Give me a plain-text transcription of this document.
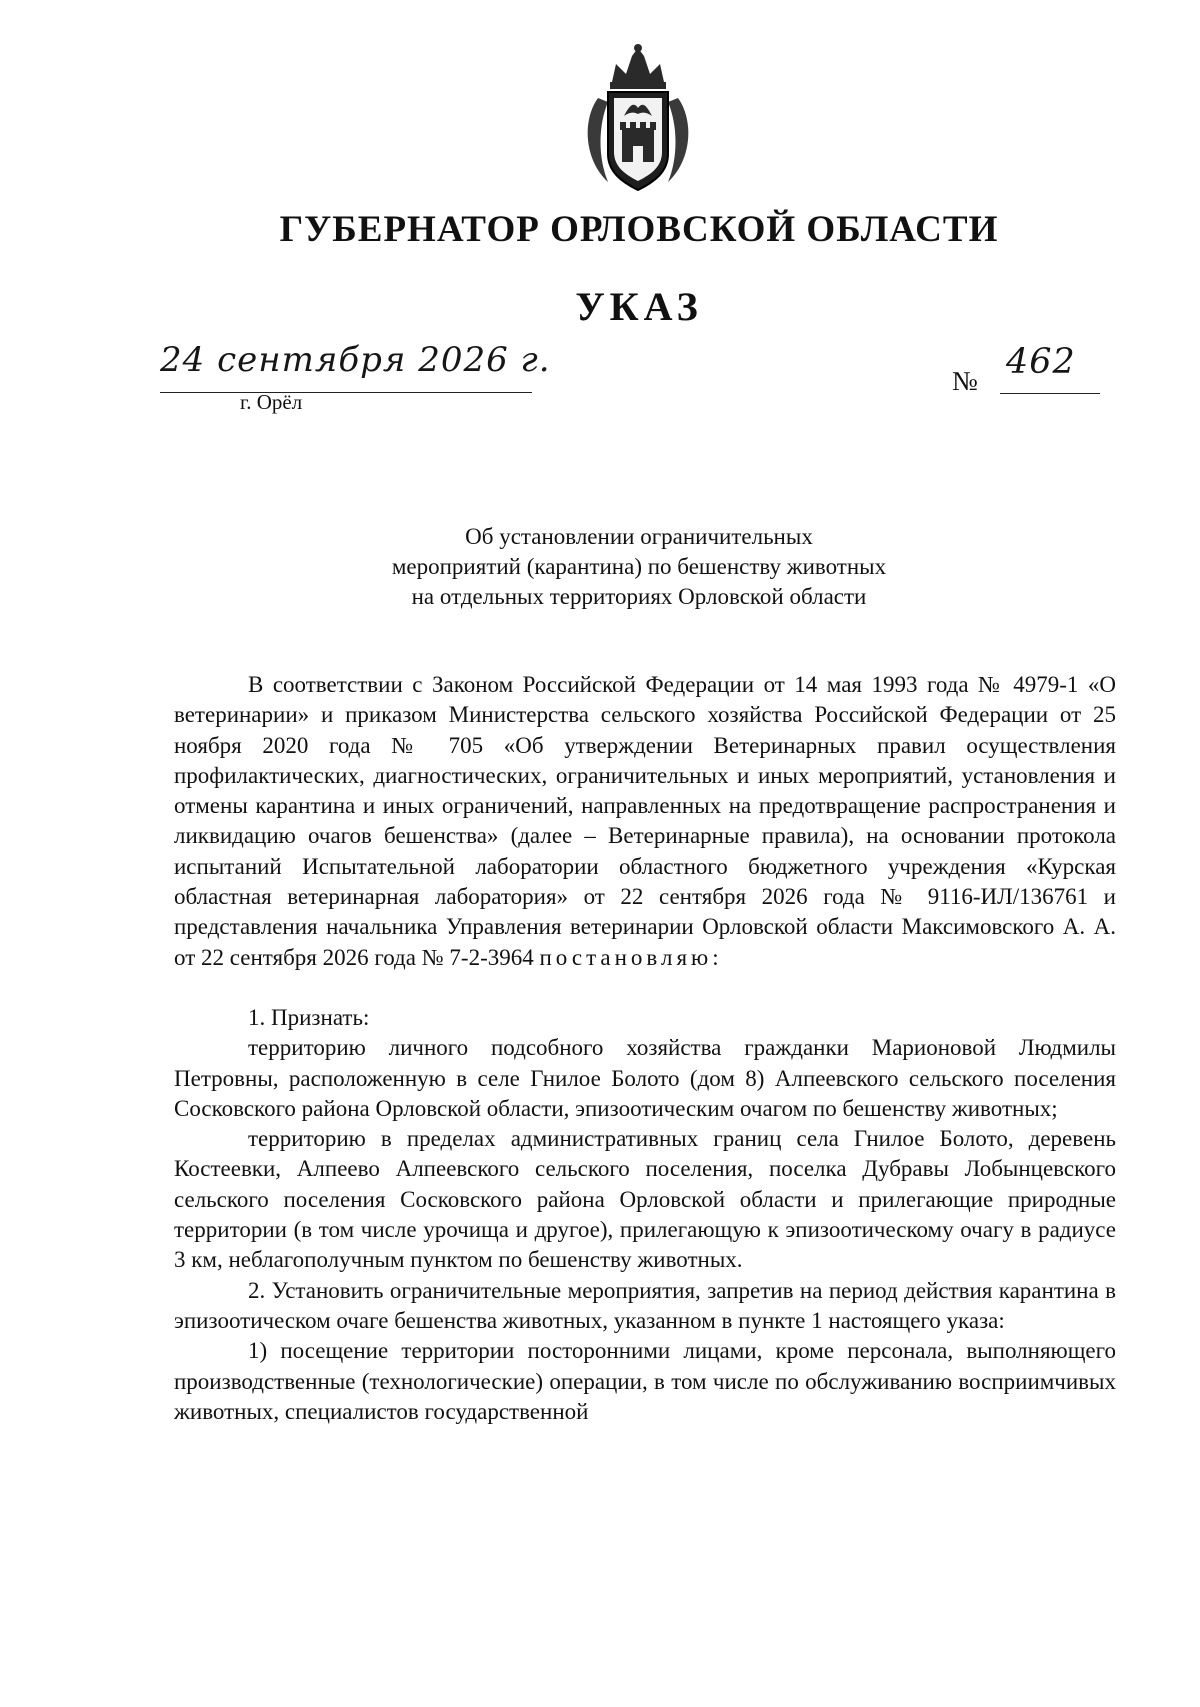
ГУБЕРНАТОР ОРЛОВСКОЙ ОБЛАСТИ
УКАЗ
24 сентября 2026 г.
г. Орёл
№ 462
Об установлении ограничительных
мероприятий (карантина) по бешенству животных
на отдельных территориях Орловской области

В соответствии с Законом Российской Федерации от 14 мая 1993 года № 4979-1 «О ветеринарии» и приказом Министерства сельского хозяйства Российской Федерации от 25 ноября 2020 года № 705 «Об утверждении Ветеринарных правил осуществления профилактических, диагностических, ограничительных и иных мероприятий, установления и отмены карантина и иных ограничений, направленных на предотвращение распространения и ликвидацию очагов бешенства» (далее – Ветеринарные правила), на основании протокола испытаний Испытательной лаборатории областного бюджетного учреждения «Курская областная ветеринарная лаборатория» от 22 сентября 2026 года № 9116-ИЛ/136761 и представления начальника Управления ветеринарии Орловской области Максимовского А. А. от 22 сентября 2026 года № 7-2-3964 постановляю:

1. Признать:

территорию личного подсобного хозяйства гражданки Марионовой Людмилы Петровны, расположенную в селе Гнилое Болото (дом 8) Алпеевского сельского поселения Сосковского района Орловской области, эпизоотическим очагом по бешенству животных;

территорию в пределах административных границ села Гнилое Болото, деревень Костеевки, Алпеево Алпеевского сельского поселения, поселка Дубравы Лобынцевского сельского поселения Сосковского района Орловской области и прилегающие природные территории (в том числе урочища и другое), прилегающую к эпизоотическому очагу в радиусе 3 км, неблагополучным пунктом по бешенству животных.

2. Установить ограничительные мероприятия, запретив на период действия карантина в эпизоотическом очаге бешенства животных, указанном в пункте 1 настоящего указа:

1) посещение территории посторонними лицами, кроме персонала, выполняющего производственные (технологические) операции, в том числе по обслуживанию восприимчивых животных, специалистов государственной
